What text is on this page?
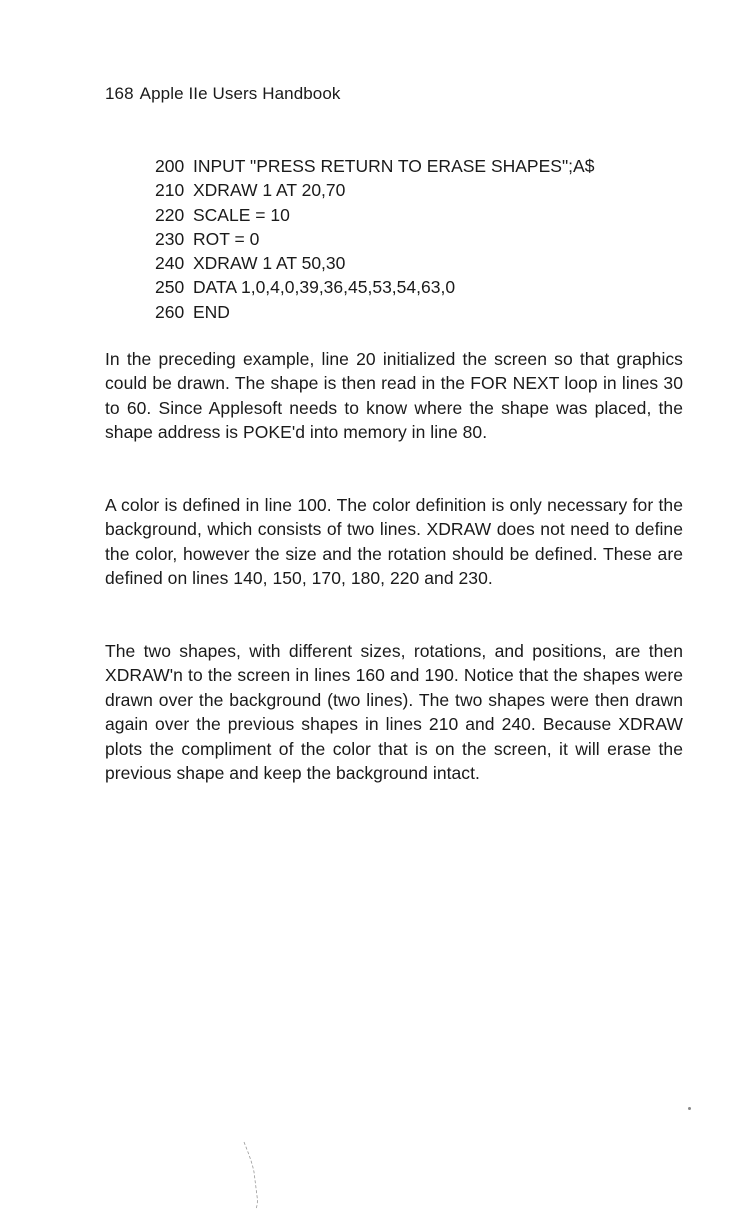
168 Apple IIe Users Handbook
200 INPUT "PRESS RETURN TO ERASE SHAPES";A$
210 XDRAW 1 AT 20,70
220 SCALE = 10
230 ROT = 0
240 XDRAW 1 AT 50,30
250 DATA 1,0,4,0,39,36,45,53,54,63,0
260 END

In the preceding example, line 20 initialized the screen so that graphics could be drawn. The shape is then read in the FOR NEXT loop in lines 30 to 60. Since Applesoft needs to know where the shape was placed, the shape address is POKE'd into memory in line 80.

A color is defined in line 100. The color definition is only necessary for the background, which consists of two lines. XDRAW does not need to define the color, however the size and the rotation should be defined. These are defined on lines 140, 150, 170, 180, 220 and 230.

The two shapes, with different sizes, rotations, and positions, are then XDRAW'n to the screen in lines 160 and 190. Notice that the shapes were drawn over the background (two lines). The two shapes were then drawn again over the previous shapes in lines 210 and 240. Because XDRAW plots the compliment of the color that is on the screen, it will erase the previous shape and keep the background intact.
